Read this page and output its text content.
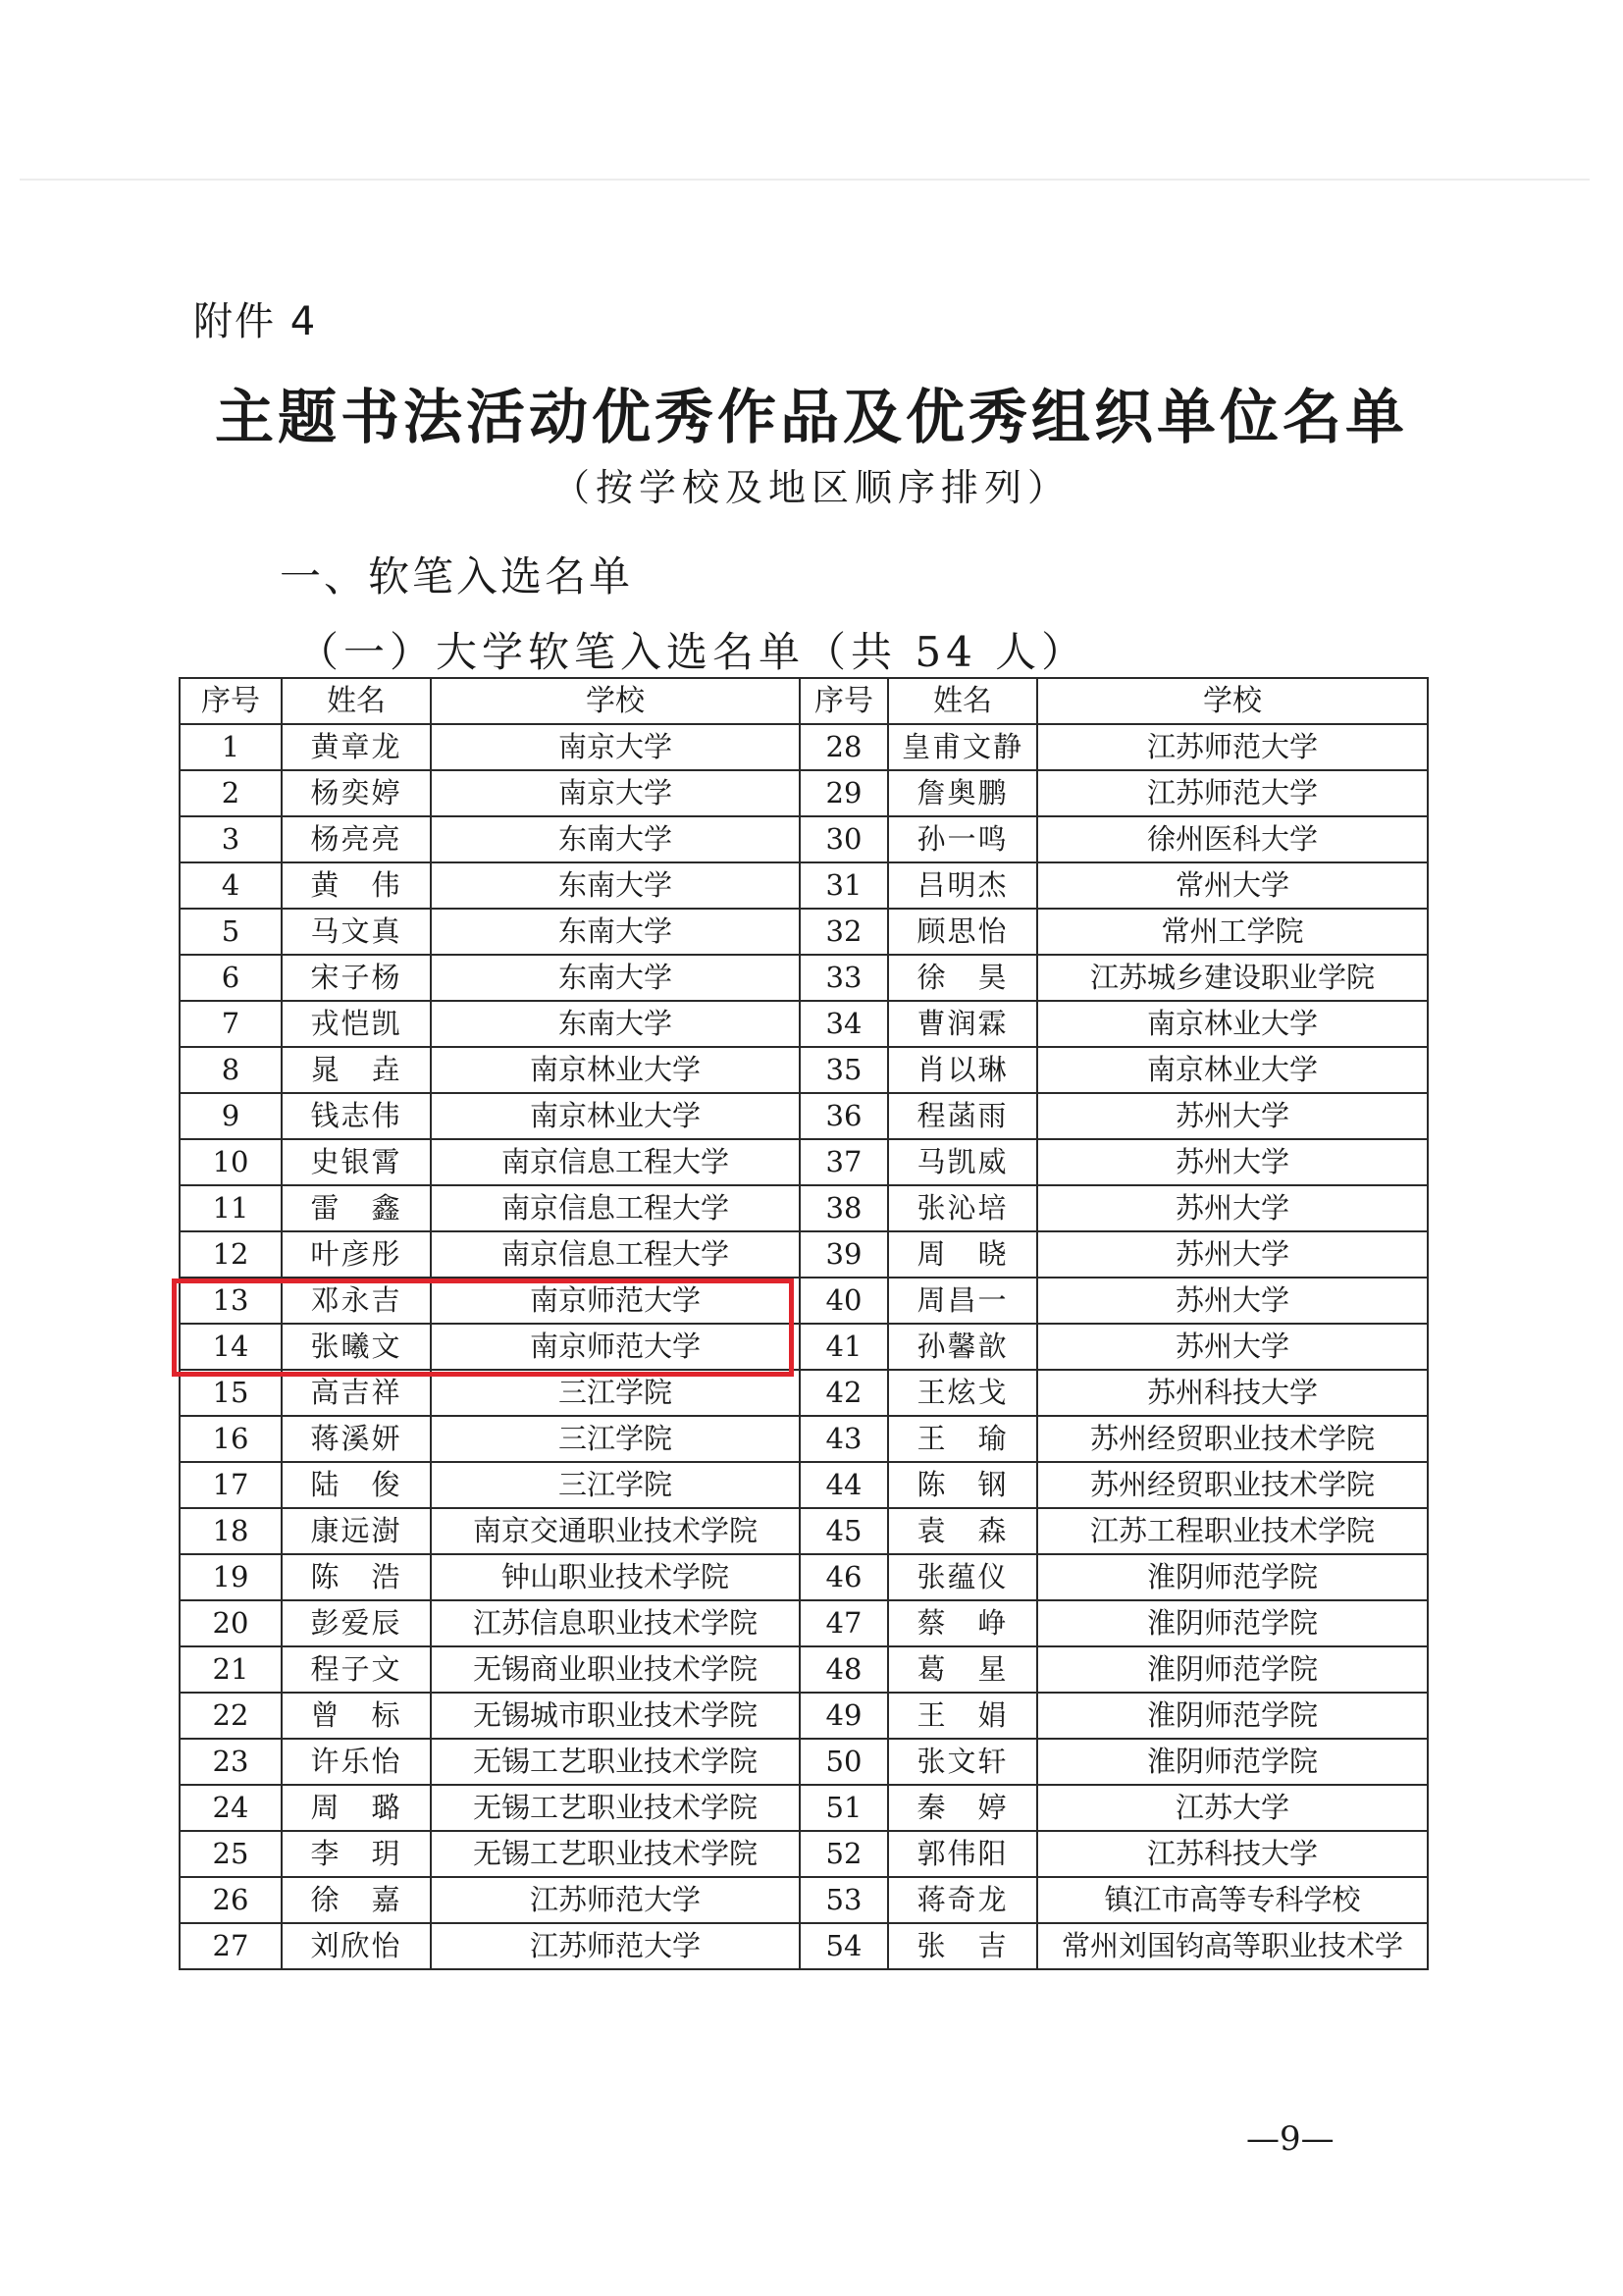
附件 4
主题书法活动优秀作品及优秀组织单位名单
（按学校及地区顺序排列）
一、软笔入选名单
（一）大学软笔入选名单（共 54 人）
序号	姓名	学校	序号	姓名	学校
1	黄章龙	南京大学	28	皇甫文静	江苏师范大学
2	杨奕婷	南京大学	29	詹奥鹏	江苏师范大学
3	杨亮亮	东南大学	30	孙一鸣	徐州医科大学
4	黄　伟	东南大学	31	吕明杰	常州大学
5	马文真	东南大学	32	顾思怡	常州工学院
6	宋子杨	东南大学	33	徐　昊	江苏城乡建设职业学院
7	戎恺凯	东南大学	34	曹润霖	南京林业大学
8	晁　垚	南京林业大学	35	肖以琳	南京林业大学
9	钱志伟	南京林业大学	36	程菡雨	苏州大学
10	史银霄	南京信息工程大学	37	马凯威	苏州大学
11	雷　鑫	南京信息工程大学	38	张沁培	苏州大学
12	叶彦彤	南京信息工程大学	39	周　晓	苏州大学
13	邓永吉	南京师范大学	40	周昌一	苏州大学
14	张曦文	南京师范大学	41	孙馨歆	苏州大学
15	高吉祥	三江学院	42	王炫戈	苏州科技大学
16	蒋溪妍	三江学院	43	王　瑜	苏州经贸职业技术学院
17	陆　俊	三江学院	44	陈　钢	苏州经贸职业技术学院
18	康远澍	南京交通职业技术学院	45	袁　森	江苏工程职业技术学院
19	陈　浩	钟山职业技术学院	46	张蕴仪	淮阴师范学院
20	彭爱辰	江苏信息职业技术学院	47	蔡　峥	淮阴师范学院
21	程子文	无锡商业职业技术学院	48	葛　星	淮阴师范学院
22	曾　标	无锡城市职业技术学院	49	王　娟	淮阴师范学院
23	许乐怡	无锡工艺职业技术学院	50	张文轩	淮阴师范学院
24	周　璐	无锡工艺职业技术学院	51	秦　婷	江苏大学
25	李　玥	无锡工艺职业技术学院	52	郭伟阳	江苏科技大学
26	徐　嘉	江苏师范大学	53	蒋奇龙	镇江市高等专科学校
27	刘欣怡	江苏师范大学	54	张　吉	常州刘国钧高等职业技术学
—9—
